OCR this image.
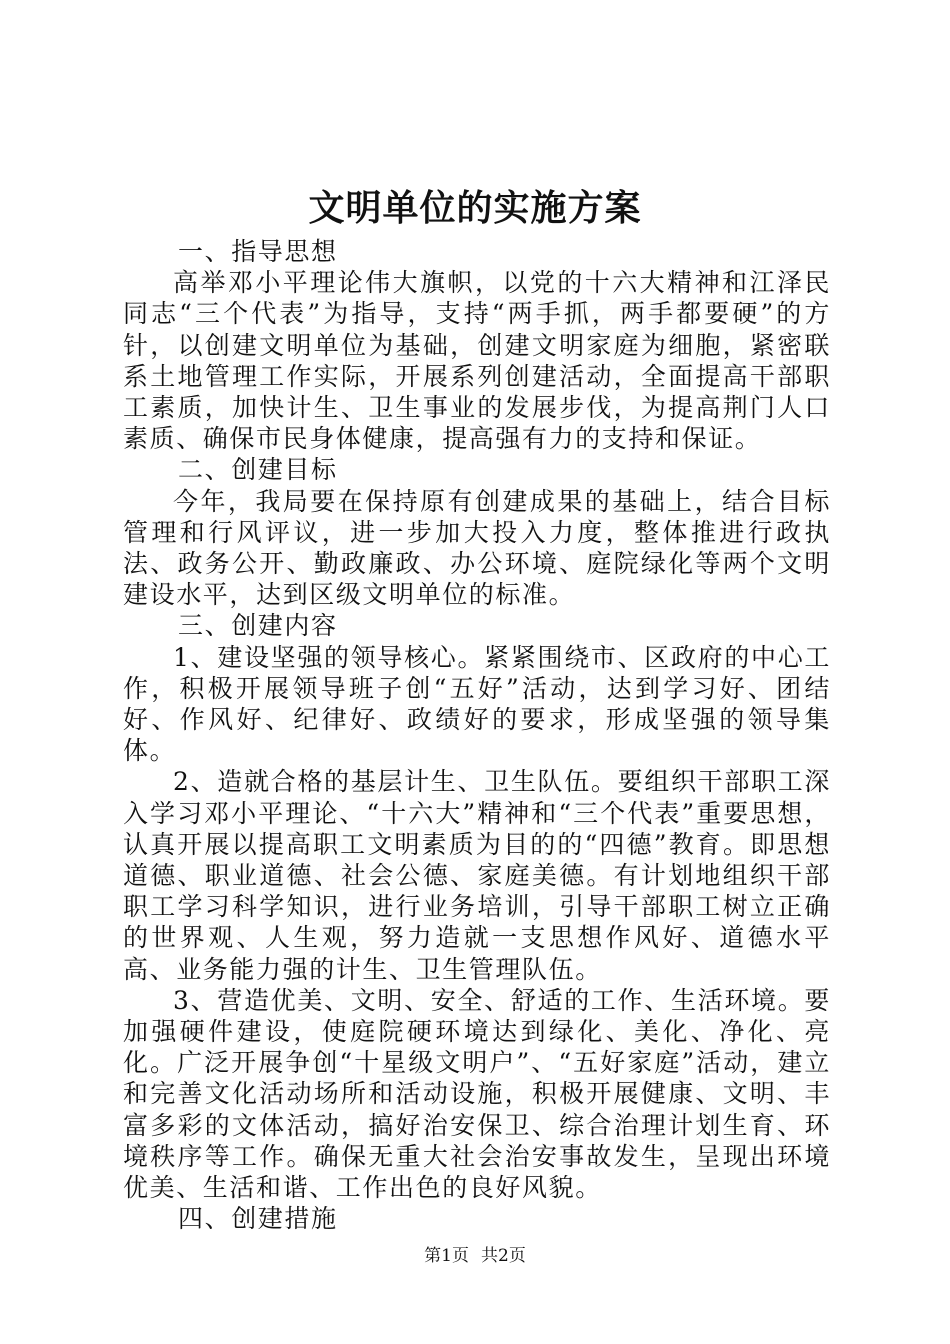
文明单位的实施方案

一、指导思想

高举邓小平理论伟大旗帜，以党的十六大精神和江泽民同志“三个代表”为指导，支持“两手抓，两手都要硬”的方针，以创建文明单位为基础，创建文明家庭为细胞，紧密联系土地管理工作实际，开展系列创建活动，全面提高干部职工素质，加快计生、卫生事业的发展步伐，为提高荆门人口素质、确保市民身体健康，提高强有力的支持和保证。

二、创建目标

今年，我局要在保持原有创建成果的基础上，结合目标管理和行风评议，进一步加大投入力度，整体推进行政执法、政务公开、勤政廉政、办公环境、庭院绿化等两个文明建设水平，达到区级文明单位的标准。

三、创建内容

1、建设坚强的领导核心。紧紧围绕市、区政府的中心工作，积极开展领导班子创“五好”活动，达到学习好、团结好、作风好、纪律好、政绩好的要求，形成坚强的领导集体。

2、造就合格的基层计生、卫生队伍。要组织干部职工深入学习邓小平理论、“十六大”精神和“三个代表”重要思想，认真开展以提高职工文明素质为目的的“四德”教育。即思想道德、职业道德、社会公德、家庭美德。有计划地组织干部职工学习科学知识，进行业务培训，引导干部职工树立正确的世界观、人生观，努力造就一支思想作风好、道德水平高、业务能力强的计生、卫生管理队伍。

3、营造优美、文明、安全、舒适的工作、生活环境。要加强硬件建设，使庭院硬环境达到绿化、美化、净化、亮化。广泛开展争创“十星级文明户”、“五好家庭”活动，建立和完善文化活动场所和活动设施，积极开展健康、文明、丰富多彩的文体活动，搞好治安保卫、综合治理计划生育、环境秩序等工作。确保无重大社会治安事故发生，呈现出环境优美、生活和谐、工作出色的良好风貌。

四、创建措施

第1页 共2页
